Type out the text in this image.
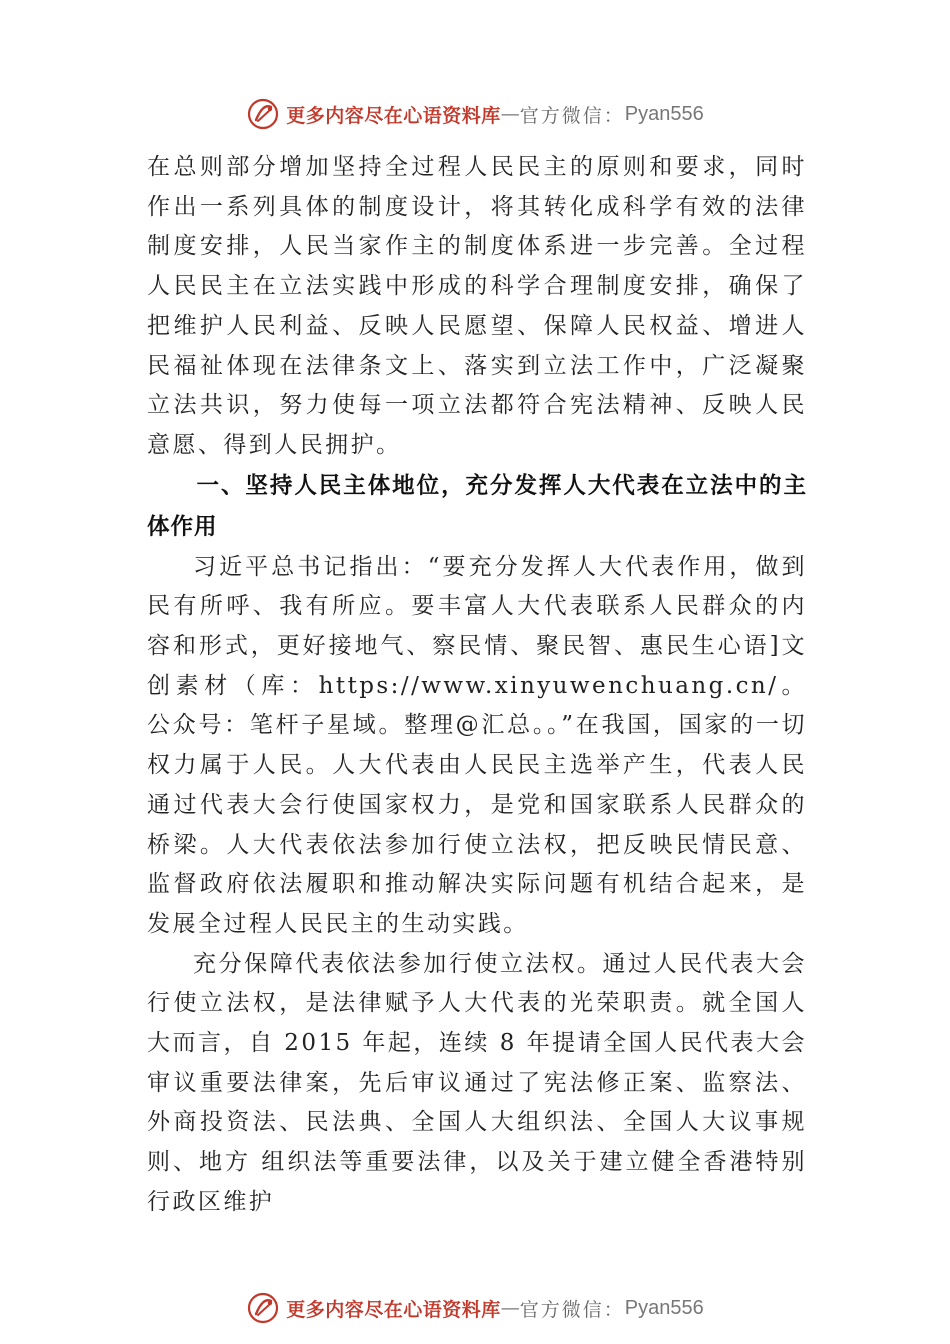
更多内容尽在心语资料库 — 官方微信： Pyan556

在总则部分增加坚持全过程人民民主的原则和要求，同时作出一系列具体的制度设计，将其转化成科学有效的法律制度安排，人民当家作主的制度体系进一步完善。全过程人民民主在立法实践中形成的科学合理制度安排，确保了把维护人民利益、反映人民愿望、保障人民权益、增进人民福祉体现在法律条文上、落实到立法工作中，广泛凝聚立法共识，努力使每一项立法都符合宪法精神、反映人民意愿、得到人民拥护。

一、坚持人民主体地位，充分发挥人大代表在立法中的主体作用

习近平总书记指出：“要充分发挥人大代表作用，做到民有所呼、我有所应。要丰富人大代表联系人民群众的内容和形式，更好接地气、察民情、聚民智、惠民生心语]文创素材（库：https://www.xinyuwenchuang.cn/。公众号：笔杆子星域。整理@汇总。。”在我国，国家的一切权力属于人民。人大代表由人民民主选举产生，代表人民通过代表大会行使国家权力，是党和国家联系人民群众的桥梁。人大代表依法参加行使立法权，把反映民情民意、监督政府依法履职和推动解决实际问题有机结合起来，是发展全过程人民民主的生动实践。

充分保障代表依法参加行使立法权。通过人民代表大会行使立法权，是法律赋予人大代表的光荣职责。就全国人大而言，自 2015 年起，连续 8 年提请全国人民代表大会审议重要法律案，先后审议通过了宪法修正案、监察法、外商投资法、民法典、全国人大组织法、全国人大议事规则、地方 组织法等重要法律，以及关于建立健全香港特别行政区维护

更多内容尽在心语资料库 — 官方微信： Pyan556
